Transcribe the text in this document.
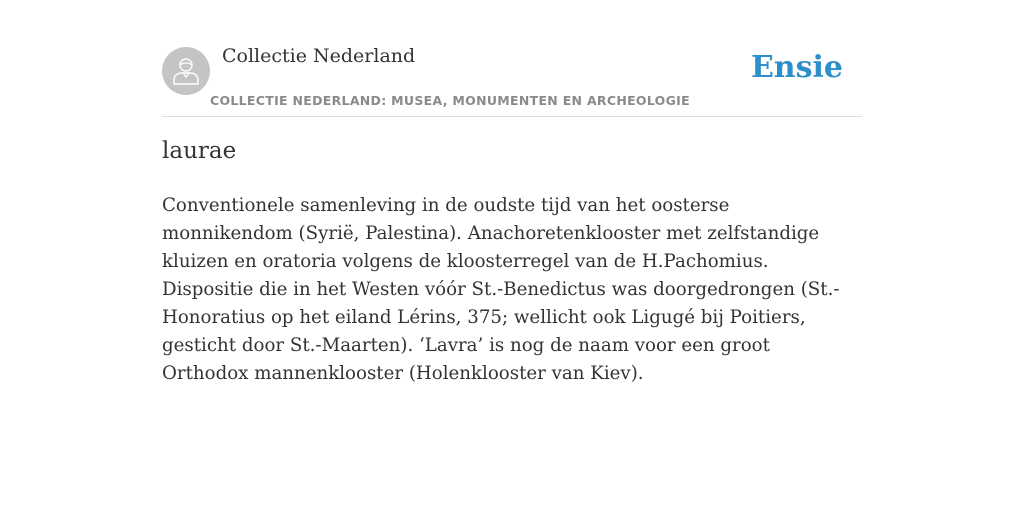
Collectie Nederland
COLLECTIE NEDERLAND: MUSEA, MONUMENTEN EN ARCHEOLOGIE
Ensie
laurae

Conventionele samenleving in de oudste tijd van het oosterse monnikendom (Syrië, Palestina). Anachoretenklooster met zelfstandige kluizen en oratoria volgens de kloosterregel van de H.Pachomius. Dispositie die in het Westen vóór St.-Benedictus was doorgedrongen (St.-Honoratius op het eiland Lérins, 375; wellicht ook Ligugé bij Poitiers, gesticht door St.-Maarten). ‘Lavra’ is nog de naam voor een groot Orthodox mannenklooster (Holenklooster van Kiev).
